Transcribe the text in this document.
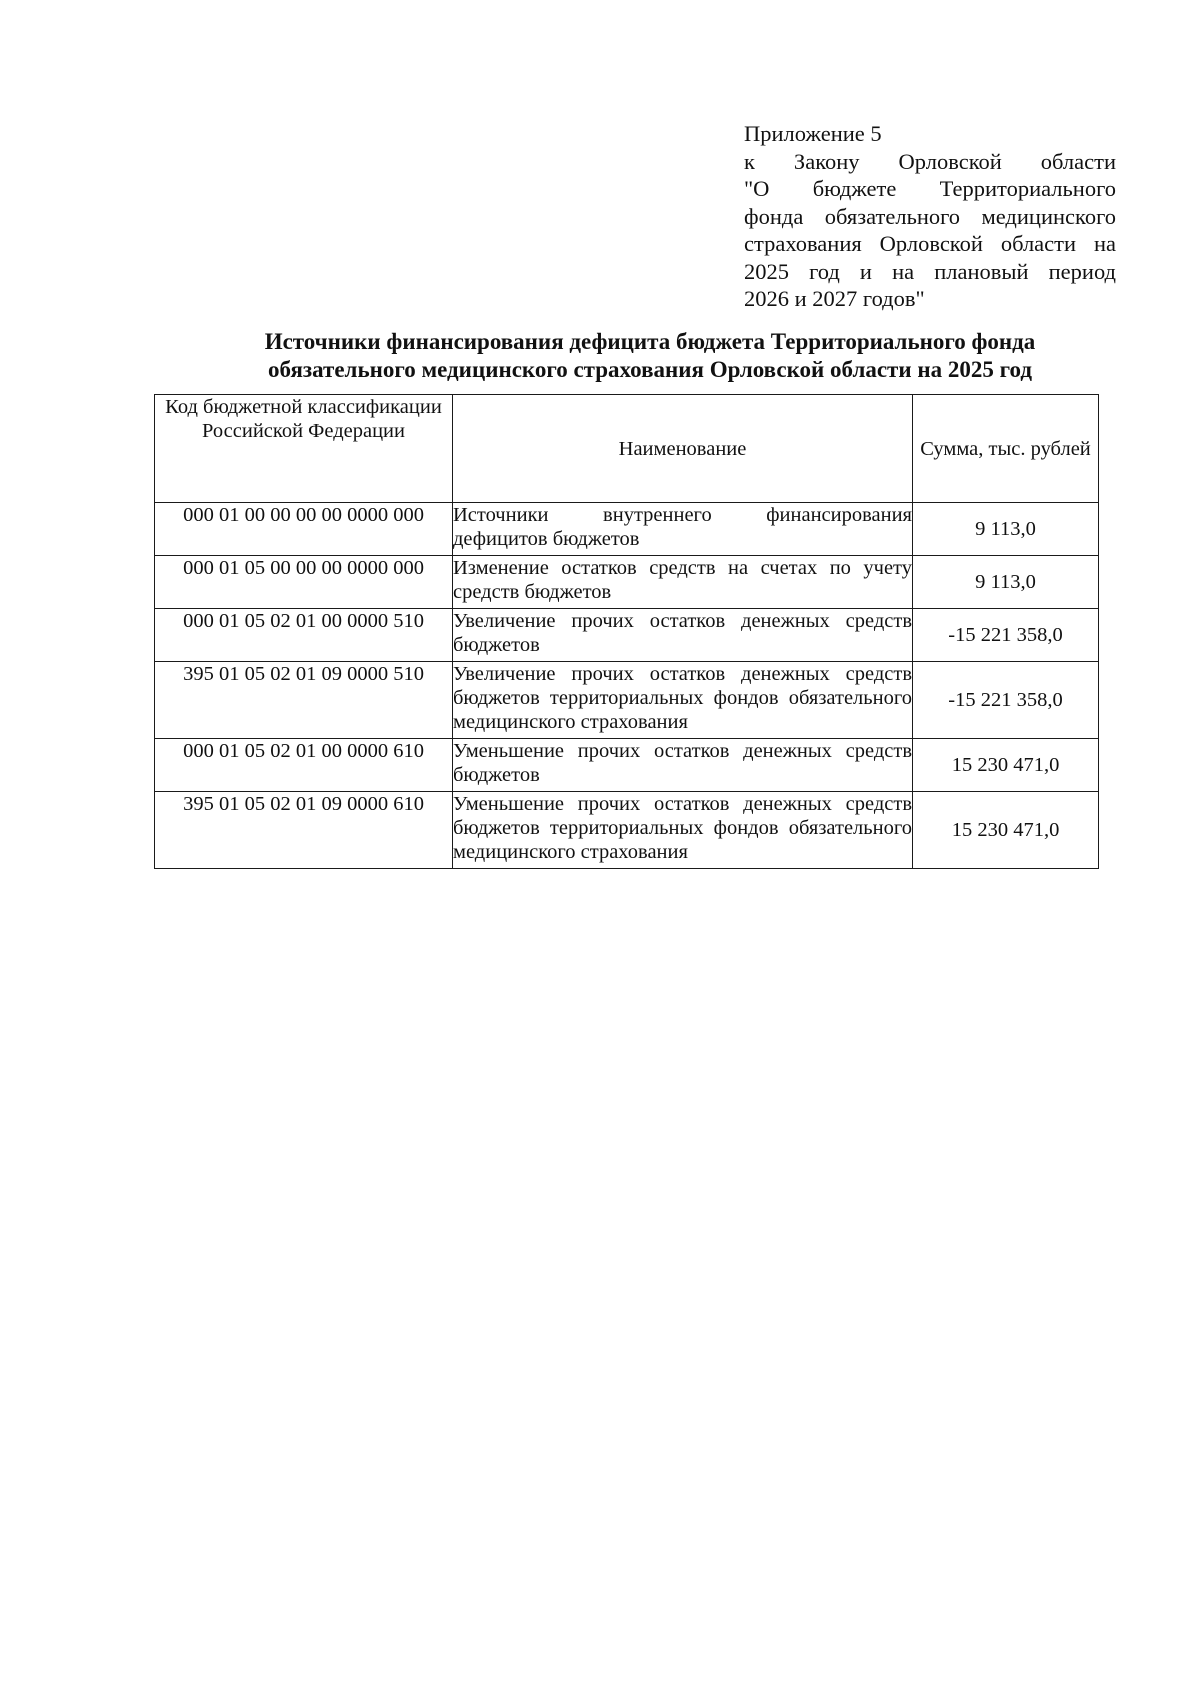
Приложение 5
к Закону Орловской области
"О бюджете Территориального
фонда обязательного медицинского
страхования Орловской области на
2025 год и на плановый период
2026 и 2027 годов"
Источники финансирования дефицита бюджета Территориального фонда
обязательного медицинского страхования Орловской области на 2025 год
Код бюджетной классификации Российской Федерации	Наименование	Сумма, тыс. рублей
000 01 00 00 00 00 0000 000	Источники внутреннего финансирования дефицитов бюджетов	9 113,0
000 01 05 00 00 00 0000 000	Изменение остатков средств на счетах по учету средств бюджетов	9 113,0
000 01 05 02 01 00 0000 510	Увеличение прочих остатков денежных средств бюджетов	-15 221 358,0
395 01 05 02 01 09 0000 510	Увеличение прочих остатков денежных средств бюджетов территориальных фондов обязательного медицинского страхования	-15 221 358,0
000 01 05 02 01 00 0000 610	Уменьшение прочих остатков денежных средств бюджетов	15 230 471,0
395 01 05 02 01 09 0000 610	Уменьшение прочих остатков денежных средств бюджетов территориальных фондов обязательного медицинского страхования	15 230 471,0
